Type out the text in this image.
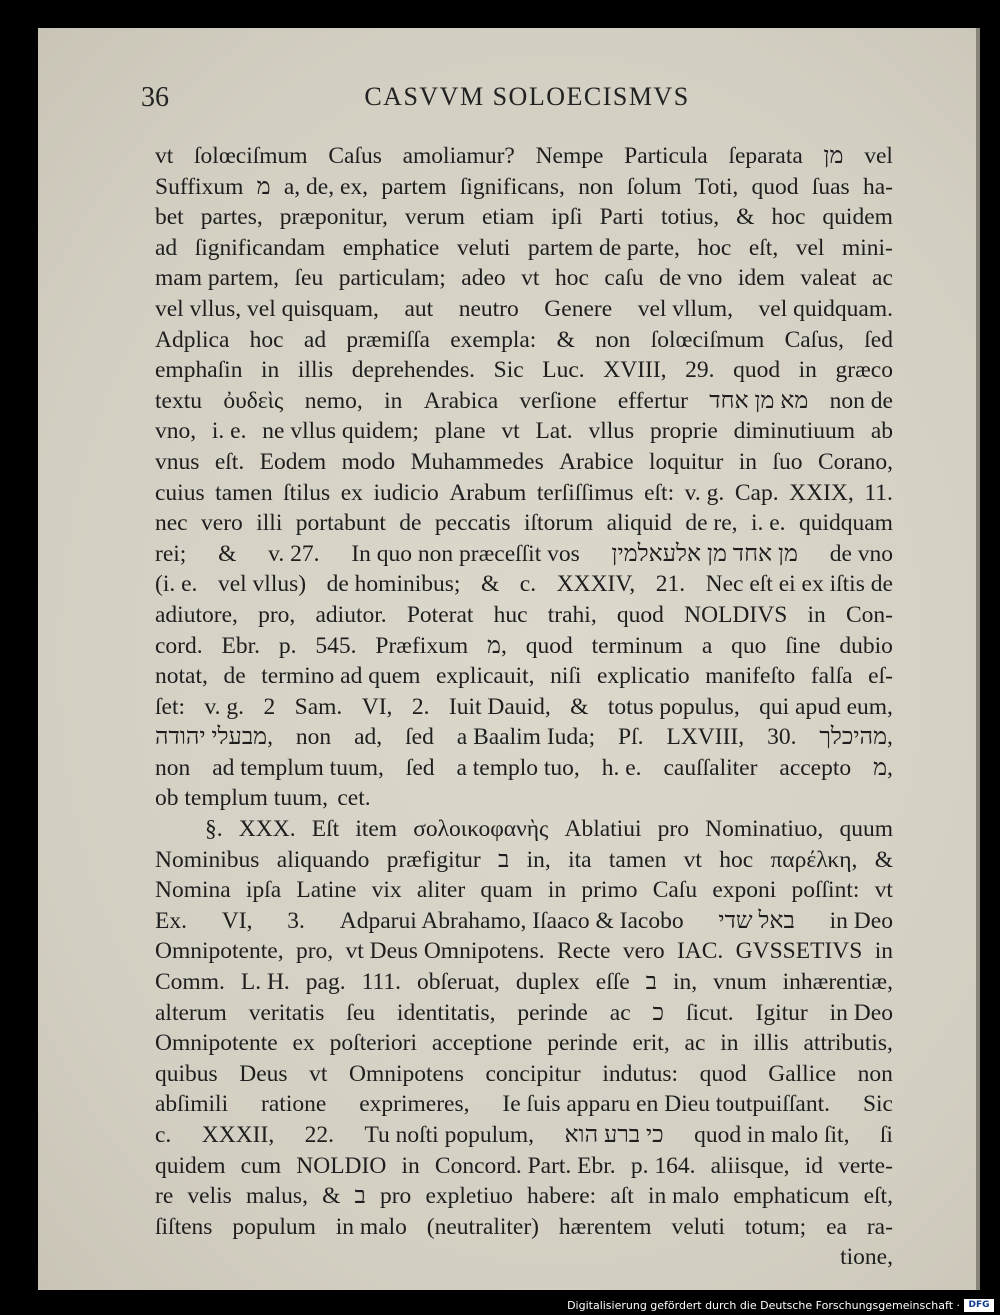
36	CASVVM SOLOECISMVS
vt ſolœciſmum Caſus amoliamur? Nempe Particula ſeparata מן vel
Suffixum מ a, de, ex, partem ſignificans, non ſolum Toti, quod ſuas ha-
bet partes, præponitur, verum etiam ipſi Parti totius, & hoc quidem
ad ſignificandam emphatice veluti partem de parte, hoc eſt, vel mini-
mam partem, ſeu particulam; adeo vt hoc caſu de vno idem valeat ac
vel vllus, vel quisquam, aut neutro Genere vel vllum, vel quidquam.
Adplica hoc ad præmiſſa exempla: & non ſolœciſmum Caſus, ſed
emphaſin in illis deprehendes. Sic Luc. XVIII, 29. quod in græco
textu ὀυδεὶς nemo, in Arabica verſione effertur מא מן אחד non de
vno, i. e. ne vllus quidem; plane vt Lat. vllus proprie diminutiuum ab
vnus eſt. Eodem modo Muhammedes Arabice loquitur in ſuo Corano,
cuius tamen ſtilus ex iudicio Arabum terſiſſimus eſt: v. g. Cap. XXIX, 11.
nec vero illi portabunt de peccatis iſtorum aliquid de re, i. e. quidquam
rei; & v. 27. In quo non præceſſit vos מן אחד מן אלעאלמין de vno
(i. e. vel vllus) de hominibus; & c. XXXIV, 21. Nec eſt ei ex iſtis de
adiutore, pro, adiutor. Poterat huc trahi, quod NOLDIVS in Con-
cord. Ebr. p. 545. Præfixum מ, quod terminum a quo ſine dubio
notat, de termino ad quem explicauit, niſi explicatio manifeſto falſa eſ-
ſet: v. g. 2 Sam. VI, 2. Iuit Dauid, & totus populus, qui apud eum,
מבעלי יהודה, non ad, ſed a Baalim Iuda; Pſ. LXVIII, 30. מהיכלך,
non ad templum tuum, ſed a templo tuo, h. e. cauſſaliter accepto מ,
ob templum tuum, cet.
§. XXX. Eſt item σολοικοφανὴς Ablatiui pro Nominatiuo, quum
Nominibus aliquando præfigitur ב in, ita tamen vt hoc παρέλκη, &
Nomina ipſa Latine vix aliter quam in primo Caſu exponi poſſint: vt
Ex. VI, 3. Adparui Abrahamo, Iſaaco & Iacobo באל שדי in Deo
Omnipotente, pro, vt Deus Omnipotens. Recte vero IAC. GVSSETIVS in
Comm. L. H. pag. 111. obſeruat, duplex eſſe ב in, vnum inhærentiæ,
alterum veritatis ſeu identitatis, perinde ac כ ſicut. Igitur in Deo
Omnipotente ex poſteriori acceptione perinde erit, ac in illis attributis,
quibus Deus vt Omnipotens concipitur indutus: quod Gallice non
abſimili ratione exprimeres, Ie ſuis apparu en Dieu toutpuiſſant. Sic
c. XXXII, 22. Tu noſti populum, כי ברע הוא quod in malo ſit, ſi
quidem cum NOLDIO in Concord. Part. Ebr. p. 164. aliisque, id verte-
re velis malus, & ב pro expletiuo habere: aſt in malo emphaticum eſt,
ſiſtens populum in malo (neutraliter) hærentem veluti totum; ea ra-
tione,
Digitalisierung gefördert durch die Deutsche Forschungsgemeinschaft · DFG
